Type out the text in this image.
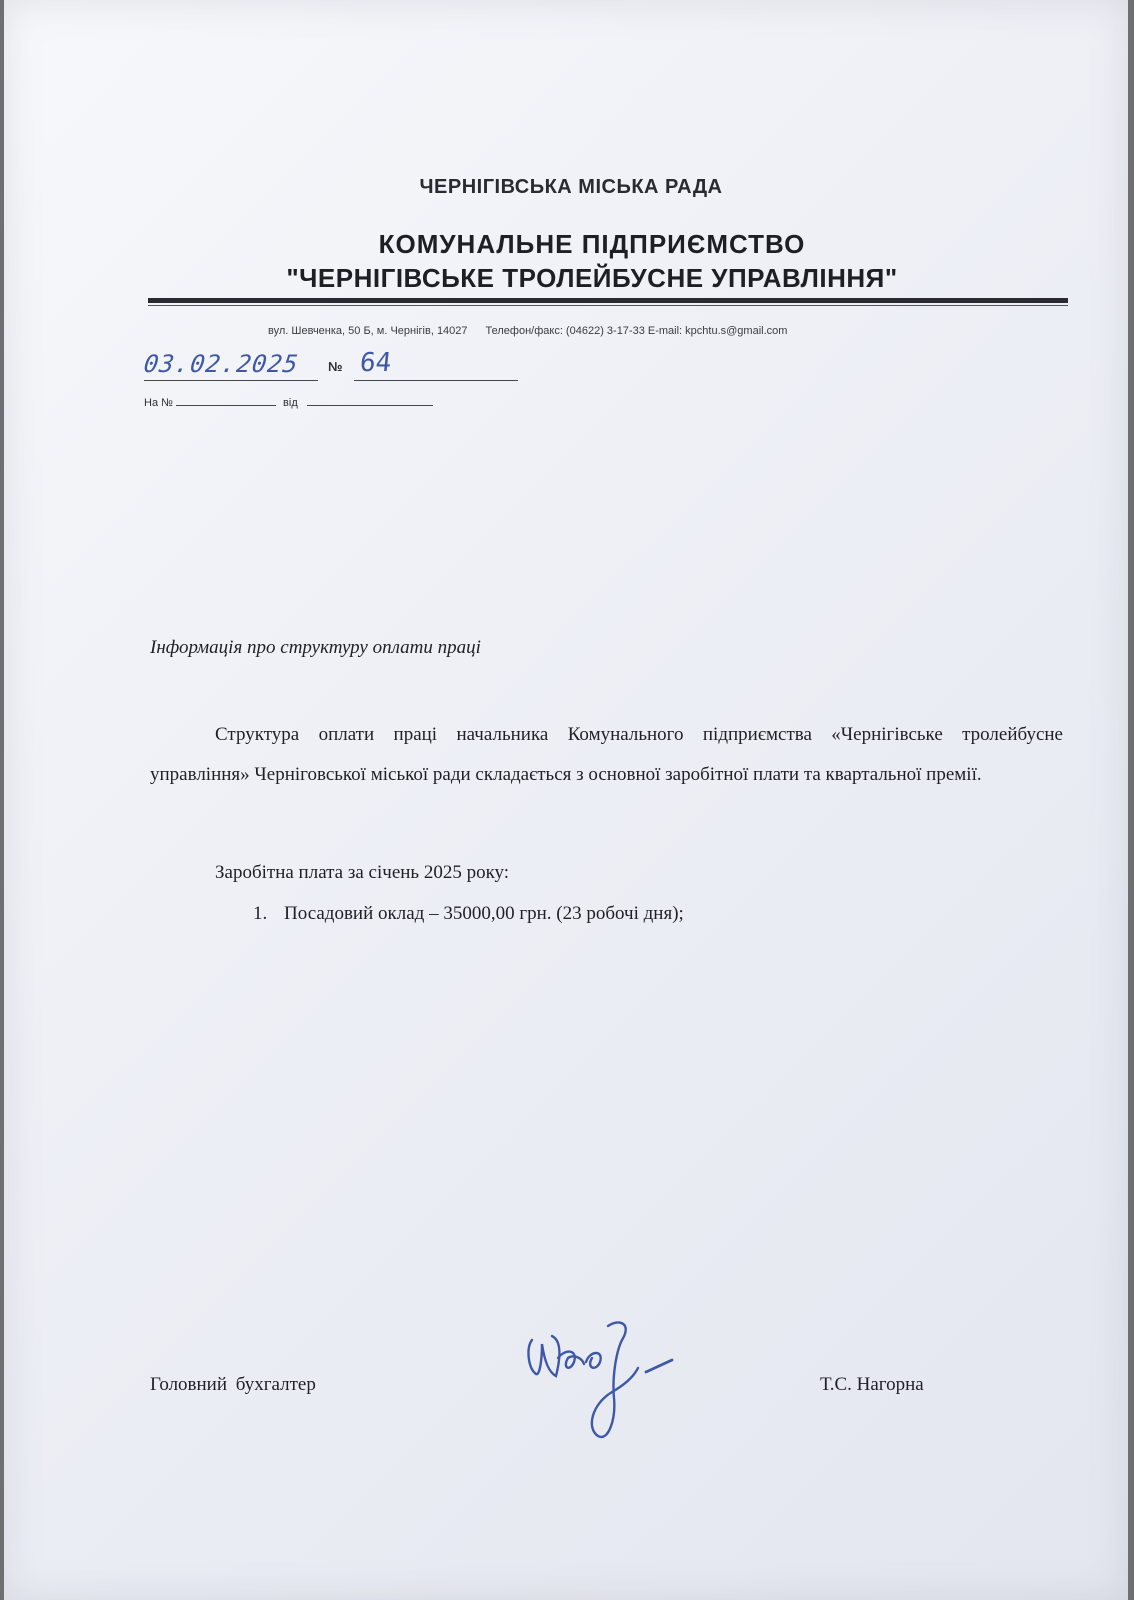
ЧЕРНІГІВСЬКА МІСЬКА РАДА
КОМУНАЛЬНЕ ПІДПРИЄМСТВО
"ЧЕРНІГІВСЬКЕ ТРОЛЕЙБУСНЕ УПРАВЛІННЯ"
вул. Шевченка, 50 Б, м. Чернігів, 14027 Телефон/факс: (04622) 3-17-33 E-mail: kpchtu.s@gmail.com
03.02.2025 № 64
На №	від
Інформація про структуру оплати праці

Структура оплати праці начальника Комунального підприємства «Чернігівське тролейбусне управління» Черніговської міської ради складається з основної заробітної плати та квартальної премії.

Заробітна плата за січень 2025 року:
1. Посадовий оклад – 35000,00 грн. (23 робочі дня);
Головний бухгалтер	Т.С. Нагорна
